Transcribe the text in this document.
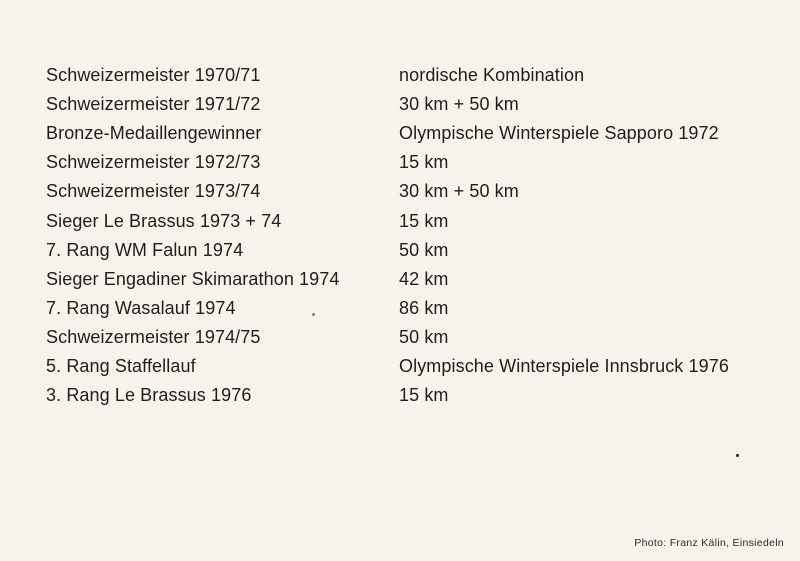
Schweizermeister 1970/71	nordische Kombination
Schweizermeister 1971/72	30 km + 50 km
Bronze-Medaillengewinner	Olympische Winterspiele Sapporo 1972
Schweizermeister 1972/73	15 km
Schweizermeister 1973/74	30 km + 50 km
Sieger Le Brassus 1973 + 74	15 km
7. Rang WM Falun 1974	50 km
Sieger Engadiner Skimarathon 1974	42 km
7. Rang Wasalauf 1974	86 km
Schweizermeister 1974/75	50 km
5. Rang Staffellauf	Olympische Winterspiele Innsbruck 1976
3. Rang Le Brassus 1976	15 km
Photo: Franz Kälin, Einsiedeln
